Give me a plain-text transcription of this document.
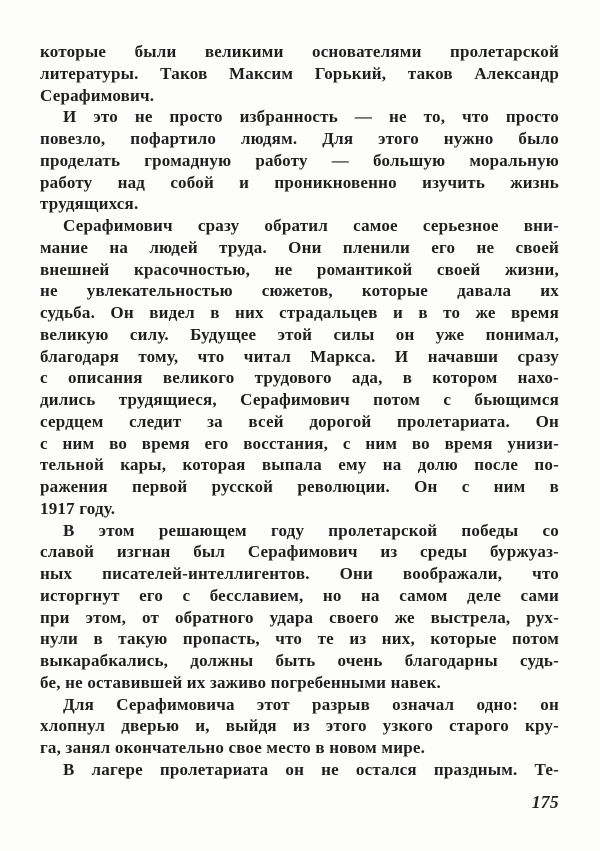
которые были великими основателями пролетарской
литературы. Таков Максим Горький, таков Александр
Серафимович.
И это не просто избранность — не то, что просто
повезло, пофартило людям. Для этого нужно было
проделать громадную работу — большую моральную
работу над собой и проникновенно изучить жизнь
трудящихся.
Серафимович сразу обратил самое серьезное вни-
мание на людей труда. Они пленили его не своей
внешней красочностью, не романтикой своей жизни,
не увлекательностью сюжетов, которые давала их
судьба. Он видел в них страдальцев и в то же время
великую силу. Будущее этой силы он уже понимал,
благодаря тому, что читал Маркса. И начавши сразу
с описания великого трудового ада, в котором нахо-
дились трудящиеся, Серафимович потом с бьющимся
сердцем следит за всей дорогой пролетариата. Он
с ним во время его восстания, с ним во время унизи-
тельной кары, которая выпала ему на долю после по-
ражения первой русской революции. Он с ним в
1917 году.
В этом решающем году пролетарской победы со
славой изгнан был Серафимович из среды буржуаз-
ных писателей-интеллигентов. Они воображали, что
исторгнут его с бесславием, но на самом деле сами
при этом, от обратного удара своего же выстрела, рух-
нули в такую пропасть, что те из них, которые потом
выкарабкались, должны быть очень благодарны судь-
бе, не оставившей их заживо погребенными навек.
Для Серафимовича этот разрыв означал одно: он
хлопнул дверью и, выйдя из этого узкого старого кру-
га, занял окончательно свое место в новом мире.
В лагере пролетариата он не остался праздным. Те-
175
